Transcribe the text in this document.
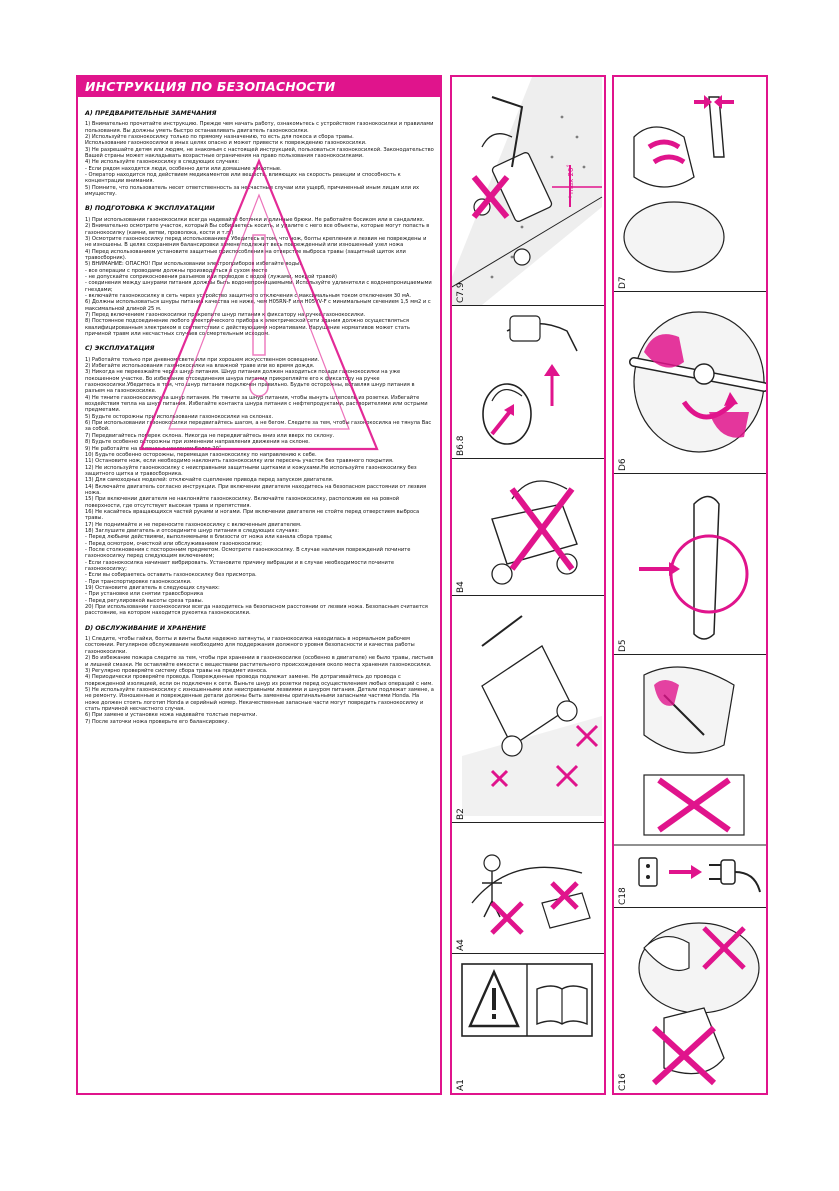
ИНСТРУКЦИЯ ПО БЕЗОПАСНОСТИ
A) ПРЕДВАРИТЕЛЬНЫЕ ЗАМЕЧАНИЯ

1) Внимательно прочитайте инструкцию. Прежде чем начать работу, ознакомьтесь с устройством газонокосилки и правилами пользования. Вы должны уметь быстро останавливать двигатель газонокосилки.

2) Используйте газонокосилку только по прямому назначению, то есть для покоса и сбора травы.

Использование газонокосилки в иных целях опасно и может привести к повреждению газонокосилки.

3) Не разрешайте детям или людям, не знакомым с настоящей инструкцией, пользоваться газонокосилкой. Законодательство Вашей страны может накладывать возрастные ограничения на право пользования газонокосилками.

4) Не используйте газонокосилку в следующих случаях:

- Если рядом находятся люди, особенно дети или домашние животные.

- Оператор находится под действием медикаментов или веществ, влияющих на скорость реакции и способность к концентрации внимания.

5) Помните, что пользователь несет ответственность за несчастные случаи или ущерб, причиненный иным лицам или их имуществу.

B) ПОДГОТОВКА К ЭКСПЛУАТАЦИИ

1) При использовании газонокосилки всегда надевайте ботинки и длинные брюки. Не работайте босиком или в сандалиях.

2) Внимательно осмотрите участок, который Вы собираетесь косить, и удалите с него все объекты, которые могут попасть в газонокосилку (камни, ветви, проволока, кости и т.п.)

3) Осмотрите газонокосилку перед использованием. Убедитесь в том, что нож, болты крепления и лезвия не повреждены и не изношены. В целях сохранения балансировки замене подлежит весь поврежденный или изношенный узел ножа

4) Перед использованием установите защитные приспособления на отверстие выброса травы (защитный щиток или травосборник).

5) ВНИМАНИЕ: ОПАСНО! При использовании электроприборов избегайте воды!

- все операции с проводами должны производиться в сухом месте

- не допускайте соприкосновения разъемов или проводов с водой (лужами, мокрой травой)

- соединения между шнурами питания должны быть водонепроницаемыми. Используйте удлинители с водонепроницаемыми гнездами;

- включайте газонокосилку в сеть через устройство защитного отключения с максимальным током отключения 30 мА.

6) Должны использоваться шнуры питания качества не ниже, чем H05RN-F или H05VV-F с минимальным сечением 1,5 мм2 и с максимальной длиной 25 м.

7) Перед включением газонокосилки прикрепите шнур питания к фиксатору на ручке газонокосилки.

8) Постоянное подсоединение любого электрического прибора к электрической сети здания должно осуществляться квалифицированным электриком в соответствии с действующими нормативами. Нарушение нормативов может стать причиной травм или несчастных случаев со смертельным исходом.

C) ЭКСПЛУАТАЦИЯ

1) Работайте только при дневном свете или при хорошем искусственном освещении.

2) Избегайте использования газонокосилки на влажной траве или во время дождя.

3) Никогда не переезжайте через шнур питания. Шнур питания должен находиться позади газонокосилки на уже покошенном участке. Во избежание отсоединения шнура питания прикрепляйте его к фиксатору на ручке газонокосилки.Убедитесь в том, что шнур питания подключен правильно. Будьте осторожны, вставляя шнур питания в разъем на газонокосилке.

4) Не тяните газонокосилку за шнур питания. Не тяните за шнур питания, чтобы вынуть штепсель из розетки. Избегайте воздействия тепла на шнур питания. Избегайте контакта шнура питания с нефтепродуктами, растворителями или острыми предметами.

5) Будьте осторожны при использовании газонокосилки на склонах.

6) При использовании газонокосилки передвигайтесь шагом, а не бегом. Следите за тем, чтобы газонокосилка не тянула Вас за собой.

7) Передвигайтесь поперек склона. Никогда не передвигайтесь вниз или вверх по склону.

8) Будьте особенно осторожны при изменении направления движения на склоне.

9) Не работайте на склонах с наклоном более 20˚

10) Будьте особенно осторожны, перемещая газонокосилку по направлению к себе.

11) Остановите нож, если необходимо наклонить газонокосилку или пересечь участок без травяного покрытия.

12) Не используйте газонокосилку с неисправными защитными щитками и кожухами.Не используйте газонокосилку без защитного щитка и травосборника.

13) Для самоходных моделей: отключайте сцепление привода перед запуском двигателя.

14) Включайте двигатель согласно инструкции. При включении двигателя находитесь на безопасном расстоянии от лезвия ножа.

15) При включении двигателя не наклоняйте газонокосилку. Включайте газонокосилку, расположив ее на ровной поверхности, где отсутствует высокая трава и препятствия.

16) Не касайтесь вращающихся частей руками и ногами. При включении двигателя не стойте перед отверстием выброса травы.

17) Не поднимайте и не переносите газонокосилку с включенным двигателем.

18) Заглушите двигатель и отсоедините шнур питания в следующих случаях:

- Перед любыми действиями, выполняемыми в близости от ножа или канала сбора травы;

- Перед осмотром, очисткой или обслуживанием газонокосилки;

- После столкновения с посторонним предметом. Осмотрите газонокосилку. В случае наличия повреждений почините газонокосилку перед следующим включением;

- Если газонокосилка начинает вибрировать. Установите причину вибрации и в случае необходимости почините газонокосилку;

- Если вы собираетесь оставить газонокосилку без присмотра.

- При транспортировке газонокосилки.

19) Остановите двигатель в следующих случаях:

- При установке или снятии травосборника

- Перед регулировкой высоты среза травы.

20) При использовании газонокосилки всегда находитесь на безопасном расстоянии от лезвия ножа. Безопасным считается расстояние, на котором находится рукоятка газонокосилки.

D) ОБСЛУЖИВАНИЕ И ХРАНЕНИЕ

1) Следите, чтобы гайки, болты и винты были надежно затянуты, и газонокосилка находилась в нормальном рабочем состоянии. Регулярное обслуживание необходимо для поддержания должного уровня безопасности и качества работы газонокосилки.

2) Во избежание пожара следите за тем, чтобы при хранении в газонокосилке (особенно в двигателе) не было травы, листьев и лишней смазки. Не оставляйте емкости с веществами растительного происхождения около места хранения газонокосилки.

3) Регулярно проверяйте систему сбора травы на предмет износа.

4) Периодически проверяйте провода. Поврежденные провода подлежат замене. Не дотрагивайтесь до провода с поврежденной изоляцией, если он подключен к сети. Выньте шнур из розетки перед осуществлением любых операций с ним.

5) Не используйте газонокосилку с изношенными или неисправными лезвиями и шнуром питания. Детали подлежат замене, а не ремонту. Изношенные и поврежденные детали должны быть заменены оригинальными запасными частями Honda. На ноже должен стоять логотип Honda и серийный номер. Некачественные запасные части могут повредить газонокосилку и стать причиной несчастного случая.

6) При замене и установке ножа надевайте толстые перчатки.

7) После заточки ножа проверьте его балансировку.

max 20˚
C7.9
B6.8
B4
B2
A4
A1
D7
D6
D5
C18
C16
